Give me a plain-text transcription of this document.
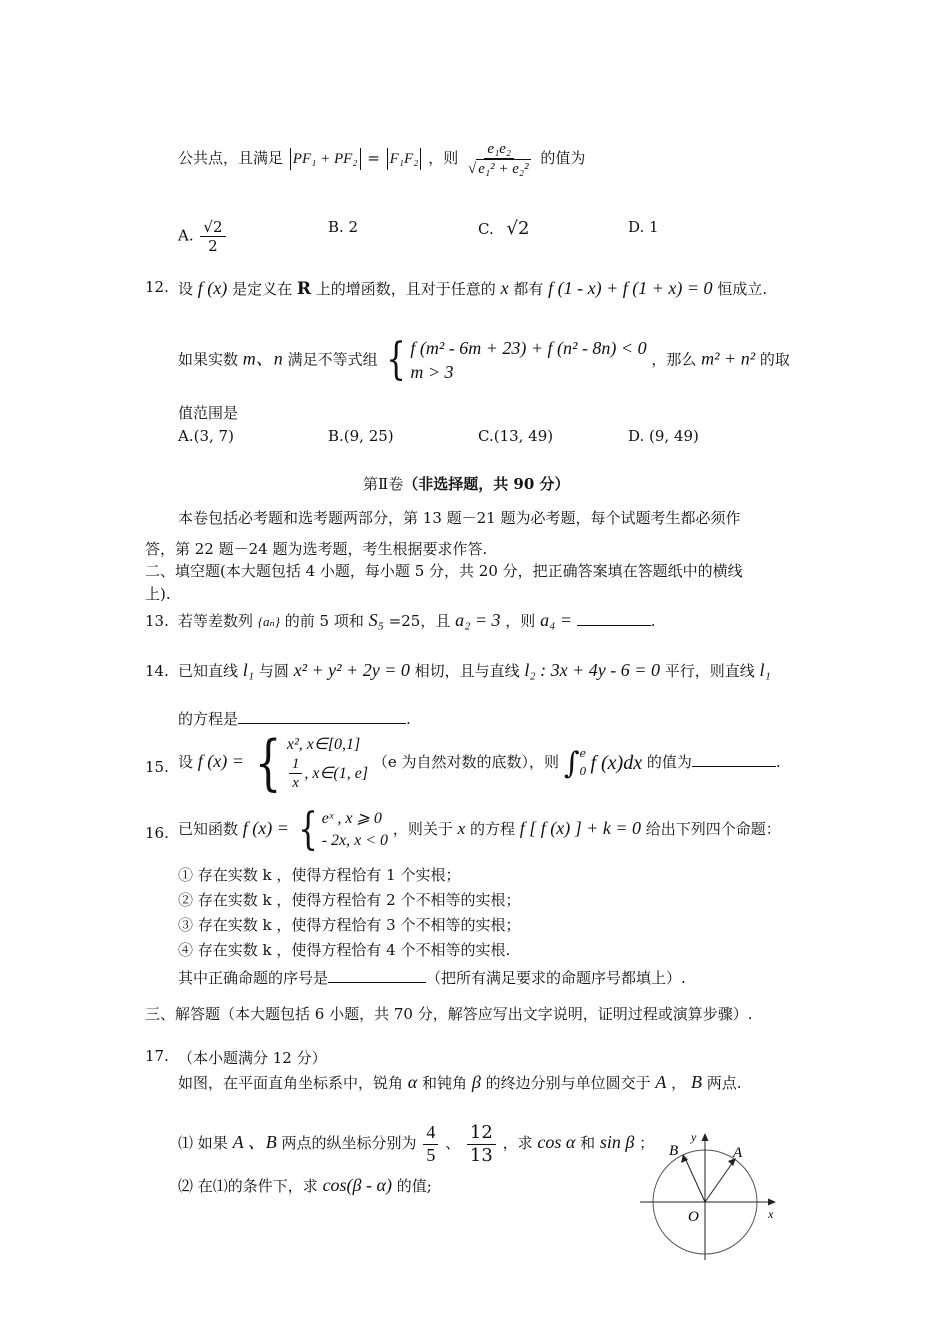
公共点，且满足 PF₁ + PF₂ = F₁F₂ ，则 $\frac{\text{e₁e₂}}{\text{√ e₁² + e₂²}}$ 的值为
A. $\frac{√2}{2}$	B. 2	C. √2	D. 1
12. 设 f (x) 是定义在 R 上的增函数，且对于任意的 x 都有 f (1 - x) + f (1 + x) = 0 恒成立.
如果实数 m、n 满足不等式组 { f (m² - 6m + 23) + f (n² - 8n) < 0
m > 3
，那么 m² + n² 的取
值范围是
A.(3, 7)	B.(9, 25)	C.(13, 49)	D. (9, 49)
第Ⅱ卷（非选择题，共 90 分）
本卷包括必考题和选考题两部分，第 13 题－21 题为必考题，每个试题考生都必须作
答，第 22 题－24 题为选考题，考生根据要求作答.
二、填空题(本大题包括 4 小题，每小题 5 分，共 20 分，把正确答案填在答题纸中的横线
上).
13. 若等差数列 {aₙ} 的前 5 项和 S₅ =25，且 a₂ = 3 ，则 a₄ =	.
14. 已知直线 l₁ 与圆 x² + y² + 2y = 0 相切，且与直线 l₂ : 3x + 4y - 6 = 0 平行，则直线 l₁
的方程是	.
15. 设 f (x) = { x², x∈[0,1]
$\frac{1}{x}$ , x∈(1, e]
（e 为自然对数的底数），则 ∫ e
0 f (x)dx 的值为	.
16. 已知函数 f (x) = { eˣ , x ⩾ 0
- 2x, x < 0
，则关于 x 的方程 f [ f (x) ] + k = 0 给出下列四个命题：
① 存在实数 k ，使得方程恰有 1 个实根；
② 存在实数 k ，使得方程恰有 2 个不相等的实根；
③ 存在实数 k ，使得方程恰有 3 个不相等的实根；
④ 存在实数 k ，使得方程恰有 4 个不相等的实根.
其中正确命题的序号是	（把所有满足要求的命题序号都填上）.
三、解答题（本大题包括 6 小题，共 70 分，解答应写出文字说明，证明过程或演算步骤）.
17. （本小题满分 12 分）
如图，在平面直角坐标系中，锐角 α 和钝角 β 的终边分别与单位圆交于 A ， B 两点.
⑴ 如果 A 、B 两点的纵坐标分别为 $\frac{4}{5}$ 、 $\frac{12}{13}$ ，求 cos α 和 sin β ；
⑵ 在⑴的条件下，求 cos(β - α) 的值;
A
B
O	x
y
